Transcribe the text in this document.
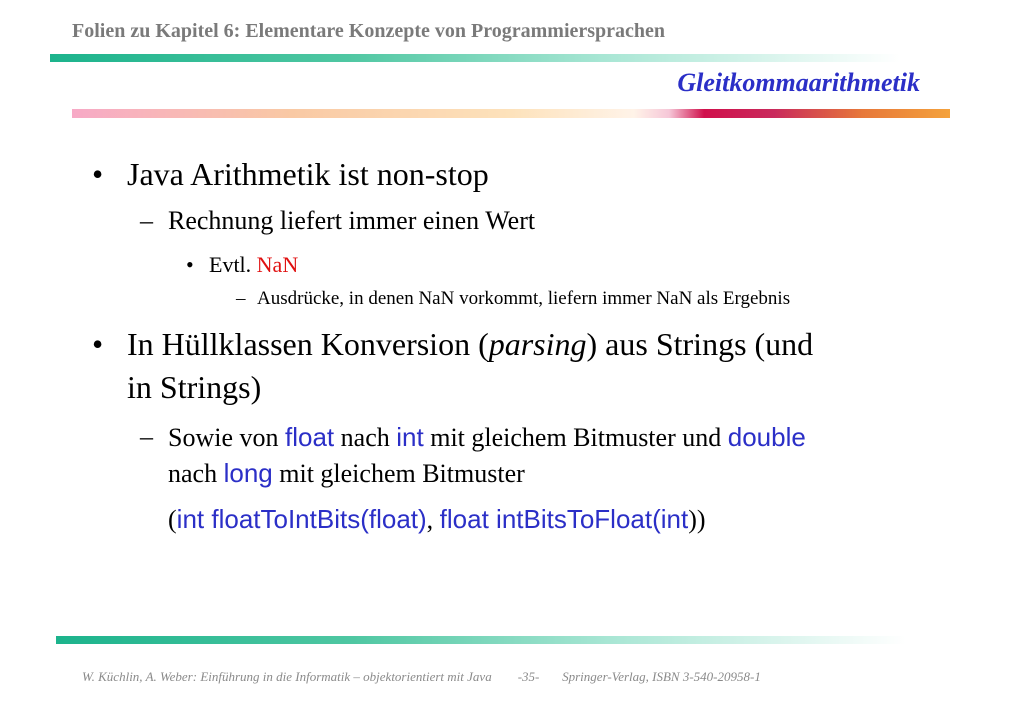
Folien zu Kapitel 6: Elementare Konzepte von Programmiersprachen
Gleitkommaarithmetik
• Java Arithmetik ist non-stop
– Rechnung liefert immer einen Wert
• Evtl. NaN
– Ausdrücke, in denen NaN vorkommt, liefern immer NaN als Ergebnis
• In Hüllklassen Konversion (parsing) aus Strings (und
in Strings)
– Sowie von float nach int mit gleichem Bitmuster und double
nach long mit gleichem Bitmuster
(int floatToIntBits(float), float intBitsToFloat(int))
W. Küchlin, A. Weber: Einführung in die Informatik – objektorientiert mit Java -35- Springer-Verlag, ISBN 3-540-20958-1
